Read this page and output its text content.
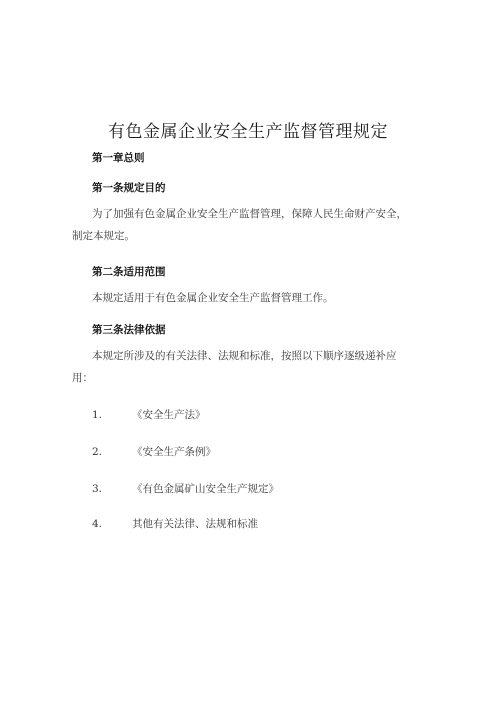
有色金属企业安全生产监督管理规定
第一章总则
第一条规定目的
为了加强有色金属企业安全生产监督管理，保障人民生命财产安全，
制定本规定。
第二条适用范围
本规定适用于有色金属企业安全生产监督管理工作。
第三条法律依据
本规定所涉及的有关法律、法规和标准，按照以下顺序逐级递补应
用：
1.	《安全生产法》
2.	《安全生产条例》
3.	《有色金属矿山安全生产规定》
4.	其他有关法律、法规和标准
